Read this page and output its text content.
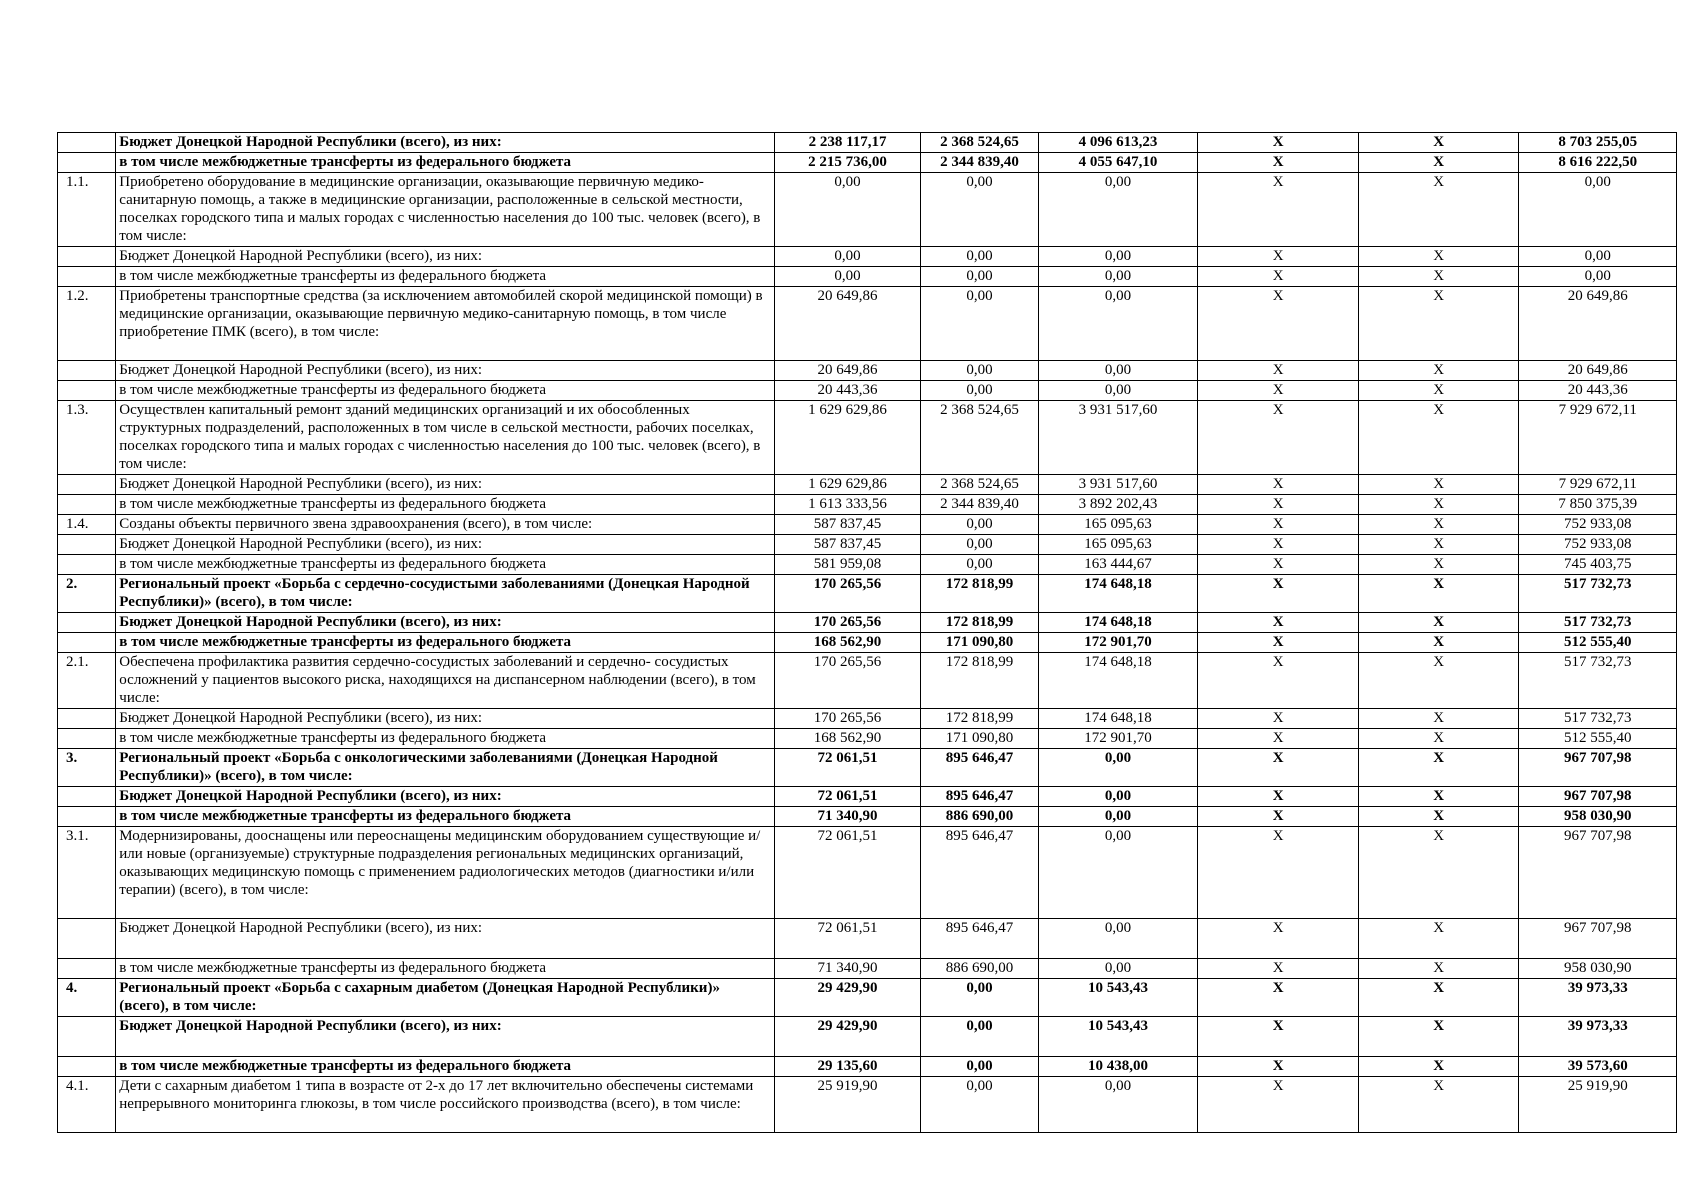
	Бюджет Донецкой Народной Республики (всего), из них:	2 238 117,17	2 368 524,65	4 096 613,23	X	X	8 703 255,05
	в том числе межбюджетные трансферты из федерального бюджета	2 215 736,00	2 344 839,40	4 055 647,10	X	X	8 616 222,50
1.1.	Приобретено оборудование в медицинские организации, оказывающие первичную медико-санитарную помощь, а также в медицинские организации, расположенные в сельской местности, поселках городского типа и малых городах с численностью населения до 100 тыс. человек (всего), в том числе:	0,00	0,00	0,00	X	X	0,00
	Бюджет Донецкой Народной Республики (всего), из них:	0,00	0,00	0,00	X	X	0,00
	в том числе межбюджетные трансферты из федерального бюджета	0,00	0,00	0,00	X	X	0,00
1.2.	Приобретены транспортные средства (за исключением автомобилей скорой медицинской помощи) в медицинские организации, оказывающие первичную медико-санитарную помощь, в том числе приобретение ПМК (всего), в том числе:	20 649,86	0,00	0,00	X	X	20 649,86
	Бюджет Донецкой Народной Республики (всего), из них:	20 649,86	0,00	0,00	X	X	20 649,86
	в том числе межбюджетные трансферты из федерального бюджета	20 443,36	0,00	0,00	X	X	20 443,36
1.3.	Осуществлен капитальный ремонт зданий медицинских организаций и их обособленных структурных подразделений, расположенных в том числе в сельской местности, рабочих поселках, поселках городского типа и малых городах с численностью населения до 100 тыс. человек (всего), в том числе:	1 629 629,86	2 368 524,65	3 931 517,60	X	X	7 929 672,11
	Бюджет Донецкой Народной Республики (всего), из них:	1 629 629,86	2 368 524,65	3 931 517,60	X	X	7 929 672,11
	в том числе межбюджетные трансферты из федерального бюджета	1 613 333,56	2 344 839,40	3 892 202,43	X	X	7 850 375,39
1.4.	Созданы объекты первичного звена здравоохранения (всего), в том числе:	587 837,45	0,00	165 095,63	X	X	752 933,08
	Бюджет Донецкой Народной Республики (всего), из них:	587 837,45	0,00	165 095,63	X	X	752 933,08
	в том числе межбюджетные трансферты из федерального бюджета	581 959,08	0,00	163 444,67	X	X	745 403,75
2.	Региональный проект «Борьба с сердечно-сосудистыми заболеваниями (Донецкая Народной Республики)» (всего), в том числе:	170 265,56	172 818,99	174 648,18	X	X	517 732,73
	Бюджет Донецкой Народной Республики (всего), из них:	170 265,56	172 818,99	174 648,18	X	X	517 732,73
	в том числе межбюджетные трансферты из федерального бюджета	168 562,90	171 090,80	172 901,70	X	X	512 555,40
2.1.	Обеспечена профилактика развития сердечно-сосудистых заболеваний и сердечно- сосудистых осложнений у пациентов высокого риска, находящихся на диспансерном наблюдении (всего), в том числе:	170 265,56	172 818,99	174 648,18	X	X	517 732,73
	Бюджет Донецкой Народной Республики (всего), из них:	170 265,56	172 818,99	174 648,18	X	X	517 732,73
	в том числе межбюджетные трансферты из федерального бюджета	168 562,90	171 090,80	172 901,70	X	X	512 555,40
3.	Региональный проект «Борьба с онкологическими заболеваниями (Донецкая Народной Республики)» (всего), в том числе:	72 061,51	895 646,47	0,00	X	X	967 707,98
	Бюджет Донецкой Народной Республики (всего), из них:	72 061,51	895 646,47	0,00	X	X	967 707,98
	в том числе межбюджетные трансферты из федерального бюджета	71 340,90	886 690,00	0,00	X	X	958 030,90
3.1.	Модернизированы, дооснащены или переоснащены медицинским оборудованием существующие и/или новые (организуемые) структурные подразделения региональных медицинских организаций, оказывающих медицинскую помощь с применением радиологических методов (диагностики и/или терапии) (всего), в том числе:	72 061,51	895 646,47	0,00	X	X	967 707,98
	Бюджет Донецкой Народной Республики (всего), из них:	72 061,51	895 646,47	0,00	X	X	967 707,98
	в том числе межбюджетные трансферты из федерального бюджета	71 340,90	886 690,00	0,00	X	X	958 030,90
4.	Региональный проект «Борьба с сахарным диабетом (Донецкая Народной Республики)» (всего), в том числе:	29 429,90	0,00	10 543,43	X	X	39 973,33
	Бюджет Донецкой Народной Республики (всего), из них:	29 429,90	0,00	10 543,43	X	X	39 973,33
	в том числе межбюджетные трансферты из федерального бюджета	29 135,60	0,00	10 438,00	X	X	39 573,60
4.1.	Дети с сахарным диабетом 1 типа в возрасте от 2-х до 17 лет включительно обеспечены системами непрерывного мониторинга глюкозы, в том числе российского производства (всего), в том числе:	25 919,90	0,00	0,00	X	X	25 919,90
